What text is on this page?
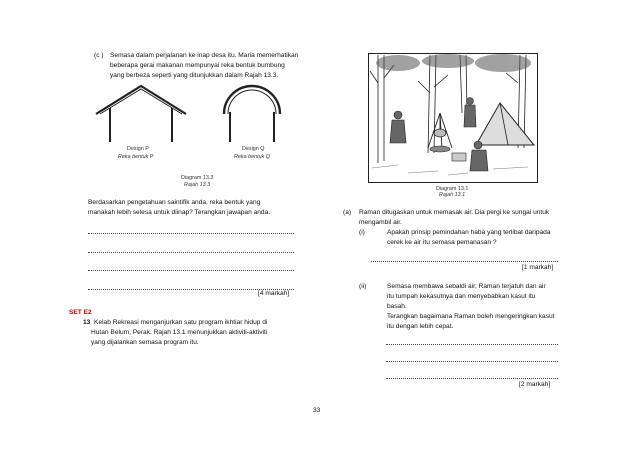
(c ) Semasa dalam perjalanan ke inap desa itu. Maria memerhatikan
beberapa gerai makanan mempunyai reka bentuk bumbung
yang berbeza seperti yang ditunjukkan dalam Rajah 13.3.
Design P
Reka bentuk P
Design Q
Reka bentuk Q
Diagram 13.3
Rajah 13.3
Berdasarkan pengetahuan saintifik anda, reka bentuk yang
manakah lebih selesa untuk diinap? Terangkan jawapan anda.
[4 markah]
SET E2
13 Kelab Rekreasi menganjurkan satu program ikhtiar hidup di
Hutan Belum, Perak. Rajah 13.1 menunjukkan aktiviti-aktiviti
yang dijalankan semasa program itu.
Diagram 13.1
Rajah 13.1
(a) Raman ditugaskan untuk memasak air. Dia pergi ke sungai untuk
mengambil air.
(i)	Apakah prinsip pemindahan haba yang terlibat daripada
cerek ke air itu semasa pemanasan ?
[1 markah]
(ii)	Semasa membawa sebaldi air, Raman terjatuh dan air
itu tumpah kekasutnya dan menyebabkan kasut itu
basah.
Terangkan bagaimana Raman boleh mengeringkan kasut
itu dengan lebih cepat.
[2 markah]
33
